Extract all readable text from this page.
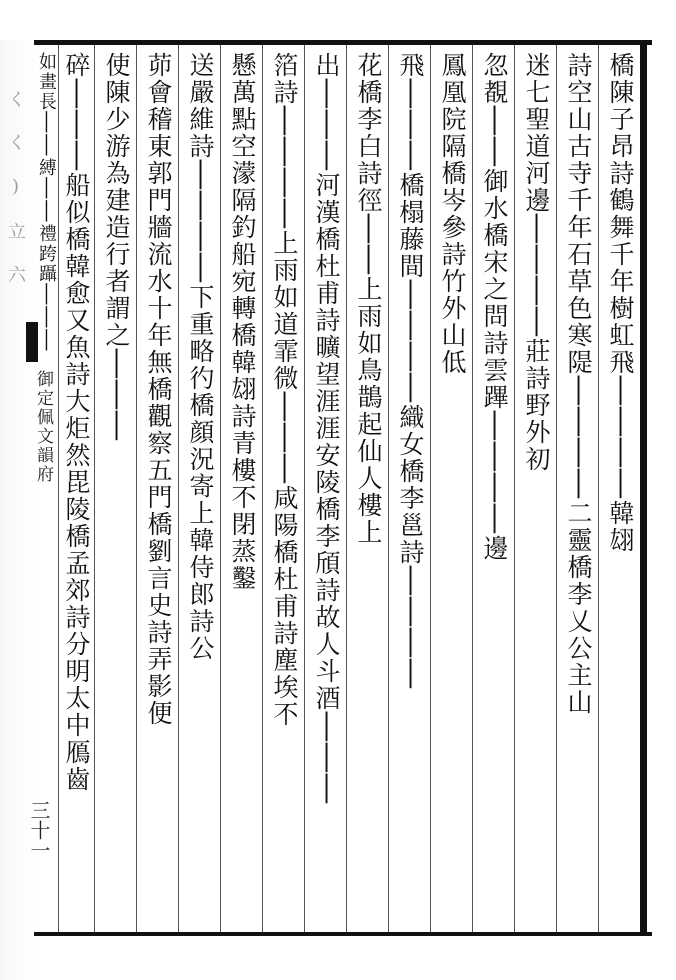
く く ) 立 六
御定佩文韻府
三十一
橋陳子昂詩鶴舞千年樹虹飛││││韓翃
詩空山古寺千年石草色寒隄││││二靈橋李乂公主山
迷七聖道河邊││││莊詩野外初
忽覩││御水橋宋之問詩雲蹕││││邊
鳳凰院隔橋岑參詩竹外山低
飛│││橋榻藤間││││織女橋李邕詩││││
花橋李白詩徑││上雨如鳥鵲起仙人樓上
出│││河漢橋杜甫詩曠望涯涯安陵橋李頎詩故人斗酒│││
箔詩││││上雨如道霏微│││咸陽橋杜甫詩塵埃不
懸萬點空濛隔釣船宛轉橋韓翃詩青樓不閉蒸鑿
送嚴維詩││││下重略彴橋顔況寄上韓侍郎詩公
茆會稽東郭門牆流水十年無橋觀察五門橋劉言史詩弄影便
使陳少游為建造行者謂之│││
碎│││船似橋韓愈又魚詩大炬然毘陵橋孟郊詩分明太中鴈齒
如畫長││縛││禮跨躡│││
